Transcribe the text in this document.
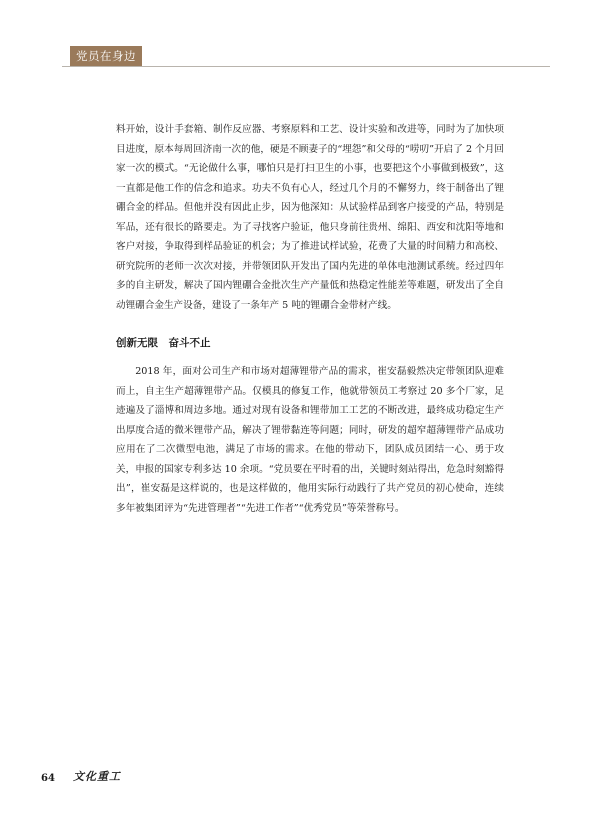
党员在身边

料开始，设计手套箱、制作反应器、考察原料和工艺、设计实验和改进等，同时为了加快项目进度，原本每周回济南一次的他，硬是不顾妻子的“埋怨”和父母的“唠叨”开启了 2 个月回家一次的模式。“无论做什么事，哪怕只是打扫卫生的小事，也要把这个小事做到极致”，这一直都是他工作的信念和追求。功夫不负有心人，经过几个月的不懈努力，终于制备出了锂硼合金的样品。但他并没有因此止步，因为他深知：从试验样品到客户接受的产品，特别是军品，还有很长的路要走。为了寻找客户验证，他只身前往贵州、绵阳、西安和沈阳等地和客户对接，争取得到样品验证的机会；为了推进试样试验，花费了大量的时间精力和高校、研究院所的老师一次次对接，并带领团队开发出了国内先进的单体电池测试系统。经过四年多的自主研发，解决了国内锂硼合金批次生产产量低和热稳定性能差等难题，研发出了全自动锂硼合金生产设备，建设了一条年产 5 吨的锂硼合金带材产线。

创新无限　奋斗不止

2018 年，面对公司生产和市场对超薄锂带产品的需求，崔安磊毅然决定带领团队迎难而上，自主生产超薄锂带产品。仅模具的修复工作，他就带领员工考察过 20 多个厂家，足迹遍及了淄博和周边多地。通过对现有设备和锂带加工工艺的不断改进，最终成功稳定生产出厚度合适的微米锂带产品，解决了锂带黏连等问题；同时，研发的超窄超薄锂带产品成功应用在了二次微型电池，满足了市场的需求。在他的带动下，团队成员团结一心、勇于攻关，申报的国家专利多达 10 余项。“党员要在平时看的出，关键时刻站得出，危急时刻豁得出”，崔安磊是这样说的，也是这样做的，他用实际行动践行了共产党员的初心使命，连续多年被集团评为“先进管理者”“先进工作者”“优秀党员”等荣誉称号。

64 文化重工
